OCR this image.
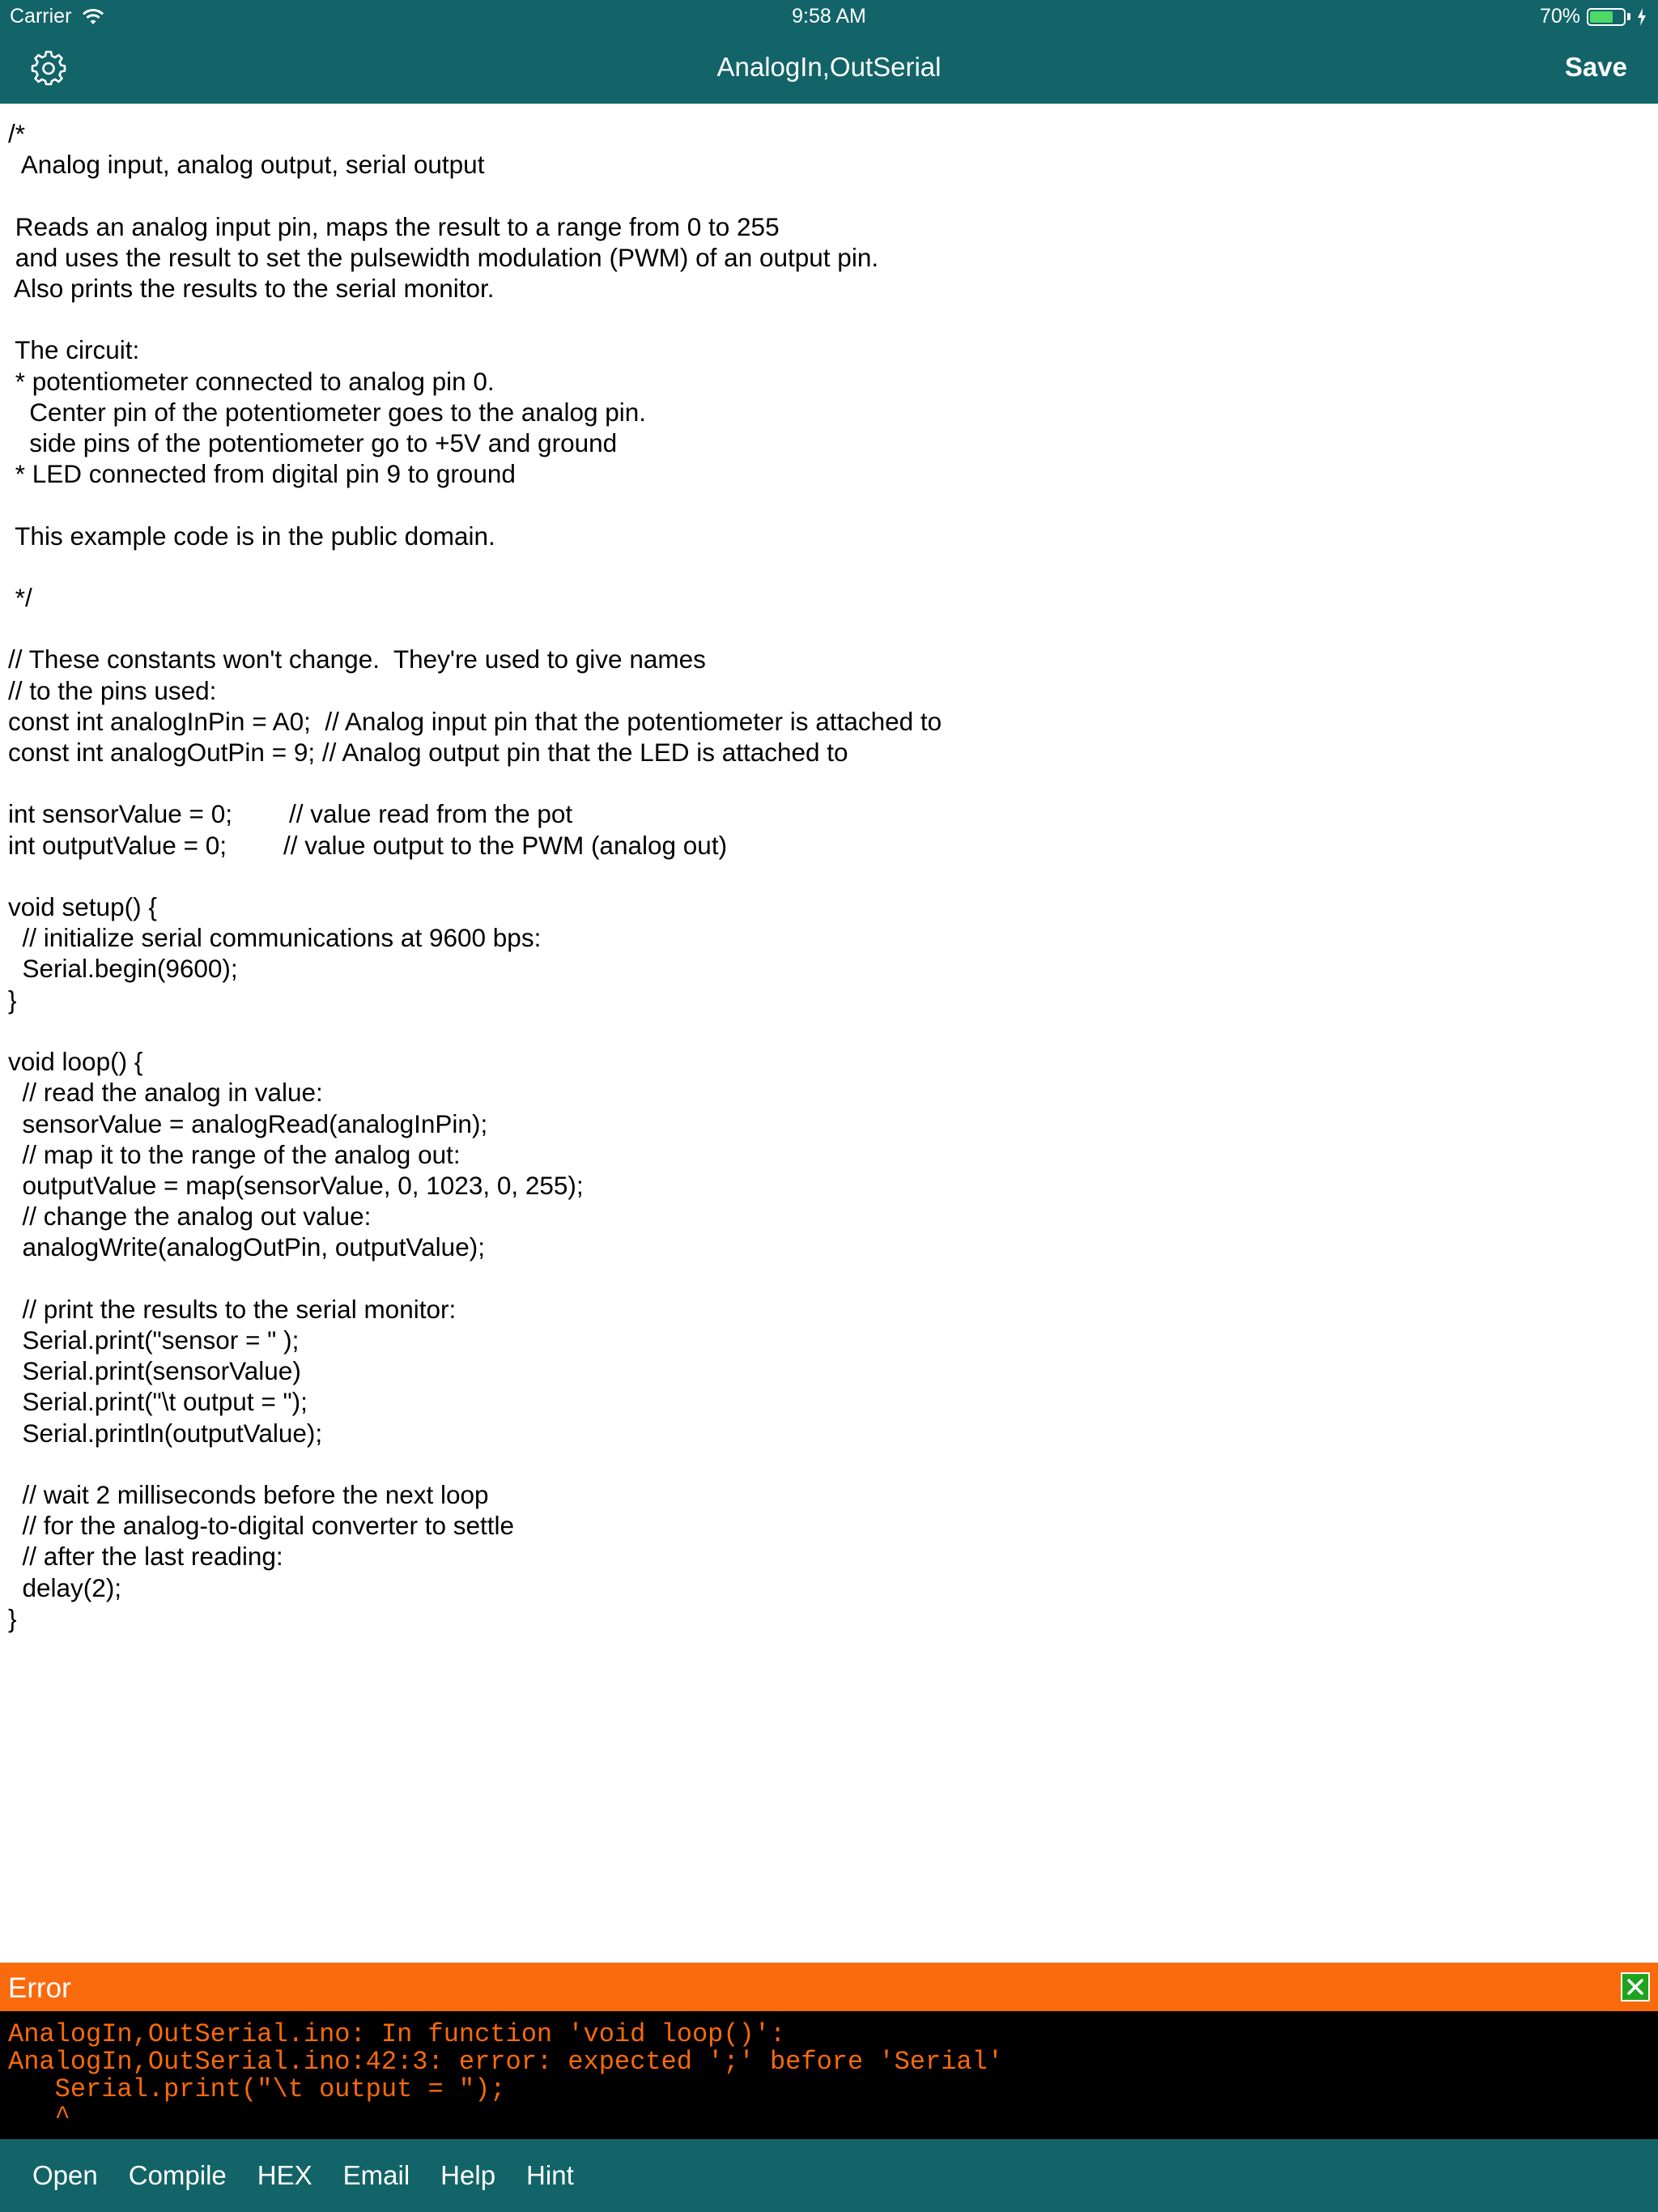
Carrier	9:58 AM	70%
AnalogIn,OutSerial	Save
/*
Analog input, analog output, serial output

Reads an analog input pin, maps the result to a range from 0 to 255
and uses the result to set the pulsewidth modulation (PWM) of an output pin.
Also prints the results to the serial monitor.

The circuit:
* potentiometer connected to analog pin 0.
Center pin of the potentiometer goes to the analog pin.
side pins of the potentiometer go to +5V and ground
* LED connected from digital pin 9 to ground

This example code is in the public domain.

*/

// These constants won't change.  They're used to give names
// to the pins used:
const int analogInPin = A0;  // Analog input pin that the potentiometer is attached to
const int analogOutPin = 9; // Analog output pin that the LED is attached to

int sensorValue = 0;        // value read from the pot
int outputValue = 0;        // value output to the PWM (analog out)

void setup() {
// initialize serial communications at 9600 bps:
Serial.begin(9600);
}

void loop() {
// read the analog in value:
sensorValue = analogRead(analogInPin);
// map it to the range of the analog out:
outputValue = map(sensorValue, 0, 1023, 0, 255);
// change the analog out value:
analogWrite(analogOutPin, outputValue);

// print the results to the serial monitor:
Serial.print("sensor = " );
Serial.print(sensorValue)
Serial.print("\t output = ");
Serial.println(outputValue);

// wait 2 milliseconds before the next loop
// for the analog-to-digital converter to settle
// after the last reading:
delay(2);
}
Error
AnalogIn,OutSerial.ino: In function 'void loop()':
AnalogIn,OutSerial.ino:42:3: error: expected ';' before 'Serial'
Serial.print("\t output = ");
^
Open Compile HEX Email Help Hint
